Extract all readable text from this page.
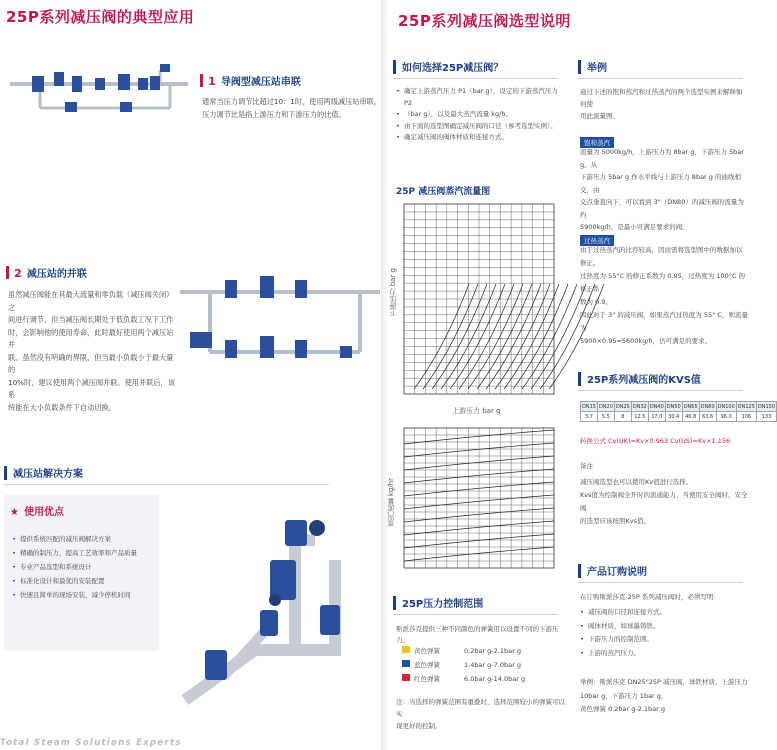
25P系列减压阀的典型应用
1 导阀型减压站串联
通常当压力调节比超过10：1时，使用两级减压站串联。
压力调节比是指上游压力和下游压力的比值。
2 减压站的并联
虽然减压阀能在其最大流量和零负载（减压阀关闭）之
间进行调节，但当减压阀长期处于低负载工况下工作
时，会影响他的使用寿命，此时最好使用两个减压站并
联。虽然没有明确的界限，但当最小负载小于最大量的
10%时，建议使用两个减压阀并联。使用并联后，该系
统能在大小负载条件下自动切换。
减压站解决方案
★ 使用优点
• 提供系统匹配的减压阀解决方案
• 精确的制压力，提高工艺效率和产品质量
• 专业产品选型和系统设计
• 标准化设计和最优的安装配置
• 快速且简单的现场安装，减少停机时间
Total Steam Solutions Experts
25P系列减压阀选型说明
如何选择25P减压阀？
• 确定上游蒸汽压力 P1（bar g），设定的下游蒸汽压力 P2
• （bar g），以及最大蒸汽流量 kg/h。
• 由下面的选型图确定减压阀的口径（参考选型实例）。
• 确定减压阀的阀体材质和连接方式。
25P 减压阀蒸汽流量图
下游压力 bar g
上游压力 bar g
蒸汽流量 kg/hr
25P压力控制范围
斯派莎克提供三种不同颜色的弹簧用以设置不同的下游压力。
黄色弹簧	0.2bar g-2.1bar g
蓝色弹簧	1.4bar g-7.0bar g
红色弹簧	6.0bar g-14.0bar g
注：当选择的弹簧范围有重叠时，选择范围较小的弹簧可以实
现更好的控制。
举例
通过下述的饱和蒸汽和过热蒸汽的两个选型实例来解释如何使
用此流量图。
饱和蒸汽
流量为 5000kg/h，上游压力为 8bar g，下游压力 5bar g。从
下游压力 5bar g 作水平线与上游压力 8bar g 的曲线相交，由
交点垂直向下，可以看到 3"（DN80）的减压阀的流量为约
5900kg/h，是最小可满足要求的阀。
过热蒸汽
由于过热蒸汽的比容较高，因而需将选型图中的数据加以修正。
过热度为 55°C 的修正系数为 0.95，过热度为 100°C 的修正系
数为 0.9。
因此对于 3" 的减压阀，如果蒸汽过热度为 55° C，则流量为
5900×0.95=5600kg/h，仍可满足的要求。
25P系列减压阀的KVS值
DN15	DN20	DN25	DN32	DN40	DN50	DN65	DN80	DN100	DN125	DN150
3.7	5.5	8	12.5	17.0	30.4	46.8	63.6	96.0	106	133
转换公式 Cv(UK)=Kv×0.963 Cv(US)=Kv×1.156
备注
减压阀选型也可以使用Kv值进行选择。
Kvs值为控制阀全开时的流通能力，当使用安全阀时，安全阀
的选型应该按照Kvs值。
产品订购说明
在订购斯派莎克 25P 系列减压阀时，必须写明：
• 减压阀的口径和连接方式。
• 阀体材质，如球墨铸铁。
• 下游压力的控制范围。
• 上游的蒸汽压力。
举例：斯派莎克 DN25"25P 减压阀，球铁材质，上游压力
10bar g，下游压力 1bar g，
黄色弹簧 0.2bar g-2.1bar g
